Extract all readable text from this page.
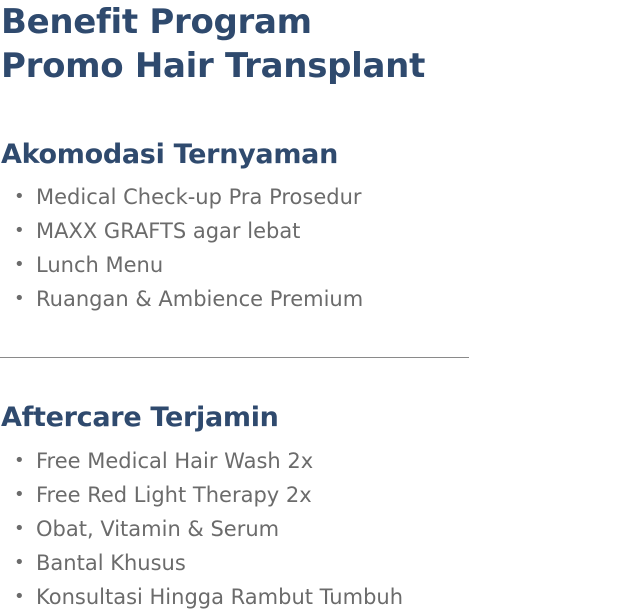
Benefit Program
Promo Hair Transplant
Akomodasi Ternyaman
• Medical Check-up Pra Prosedur
• MAXX GRAFTS agar lebat
• Lunch Menu
• Ruangan & Ambience Premium
Aftercare Terjamin
• Free Medical Hair Wash 2x
• Free Red Light Therapy 2x
• Obat, Vitamin & Serum
• Bantal Khusus
• Konsultasi Hingga Rambut Tumbuh
